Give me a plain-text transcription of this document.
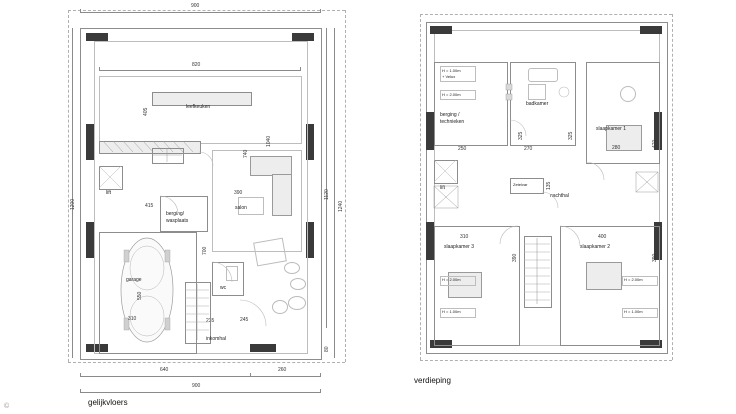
900
820
leefkeuken
405
lift
berging/
wasplaats
415	salon
390
740
1040
garage
550
310
700
wc
235
inkomhal
245
1200	1240
1120
80
640	260
900
gelijkvloers
berging /
technieken
H = 1.00m
+ Velux
H = 2.00m
250
badkamer
325	325
270
slaapkamer 1
280	470
lift
Zetelvar
nachthal
135
slaapkamer 3
310
390
H = 2.00m
H = 1.00m
slaapkamer 2
400
390
H = 2.00m
H = 1.00m
verdieping
©
